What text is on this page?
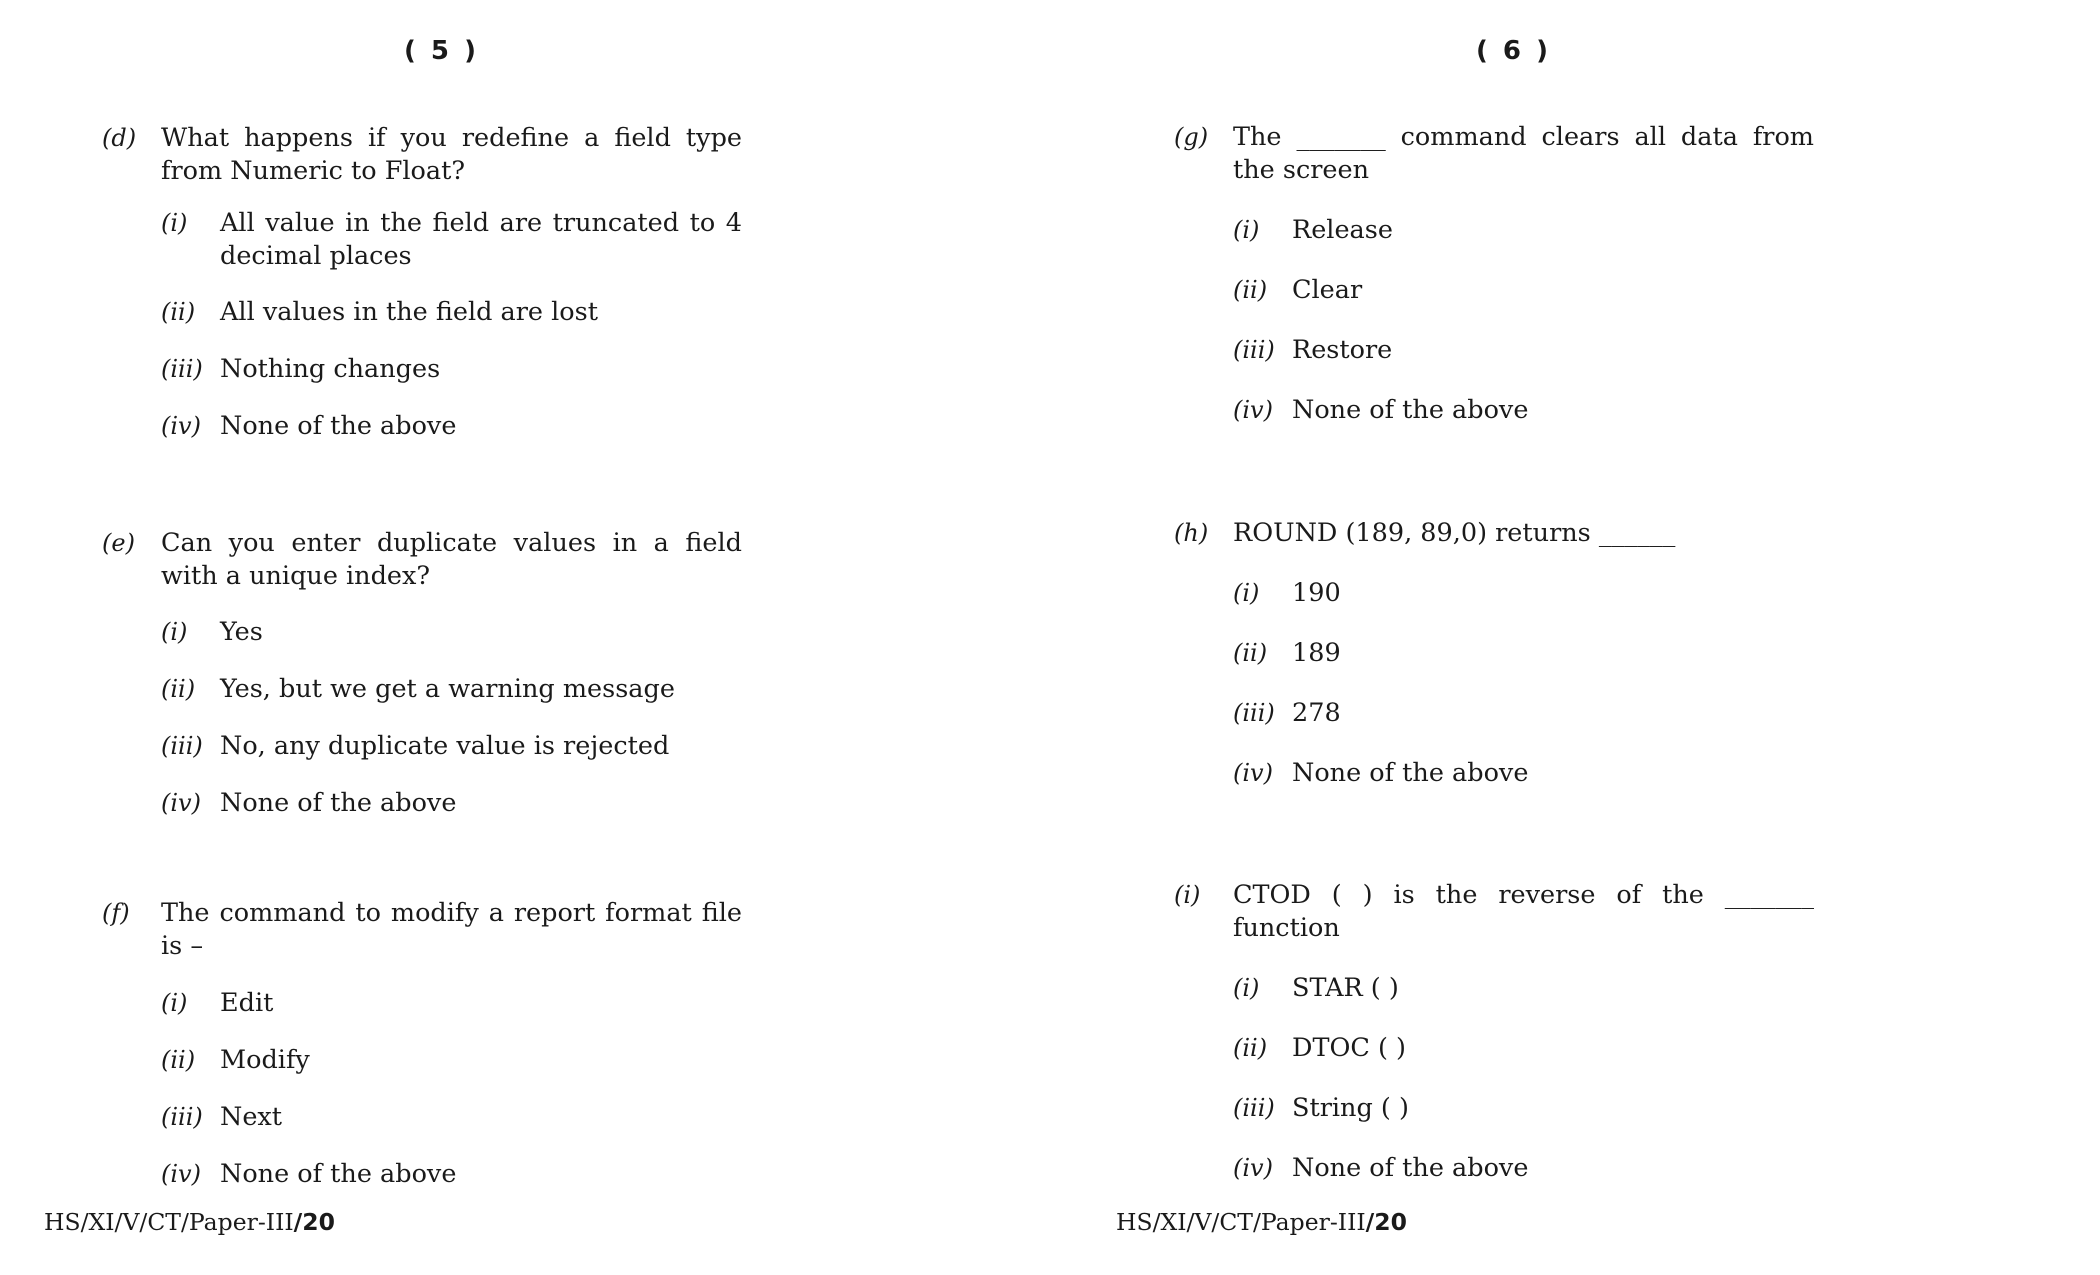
( 5 )	( 6 )
(d) What happens if you redefine a field type from Numeric to Float?
(i) All value in the field are truncated to 4 decimal places
(ii) All values in the field are lost
(iii) Nothing changes
(iv) None of the above
(e) Can you enter duplicate values in a field with a unique index?
(i) Yes
(ii) Yes, but we get a warning message
(iii) No, any duplicate value is rejected
(iv) None of the above
(f) The command to modify a report format file is –
(i) Edit
(ii) Modify
(iii) Next
(iv) None of the above
(g) The _______ command clears all data from the screen
(i) Release
(ii) Clear
(iii) Restore
(iv) None of the above
(h) ROUND (189, 89,0) returns ______
(i) 190
(ii) 189
(iii) 278
(iv) None of the above
(i) CTOD ( ) is the reverse of the _______ function
(i) STAR ( )
(ii) DTOC ( )
(iii) String ( )
(iv) None of the above
HS/XI/V/CT/Paper-III/20	HS/XI/V/CT/Paper-III/20
